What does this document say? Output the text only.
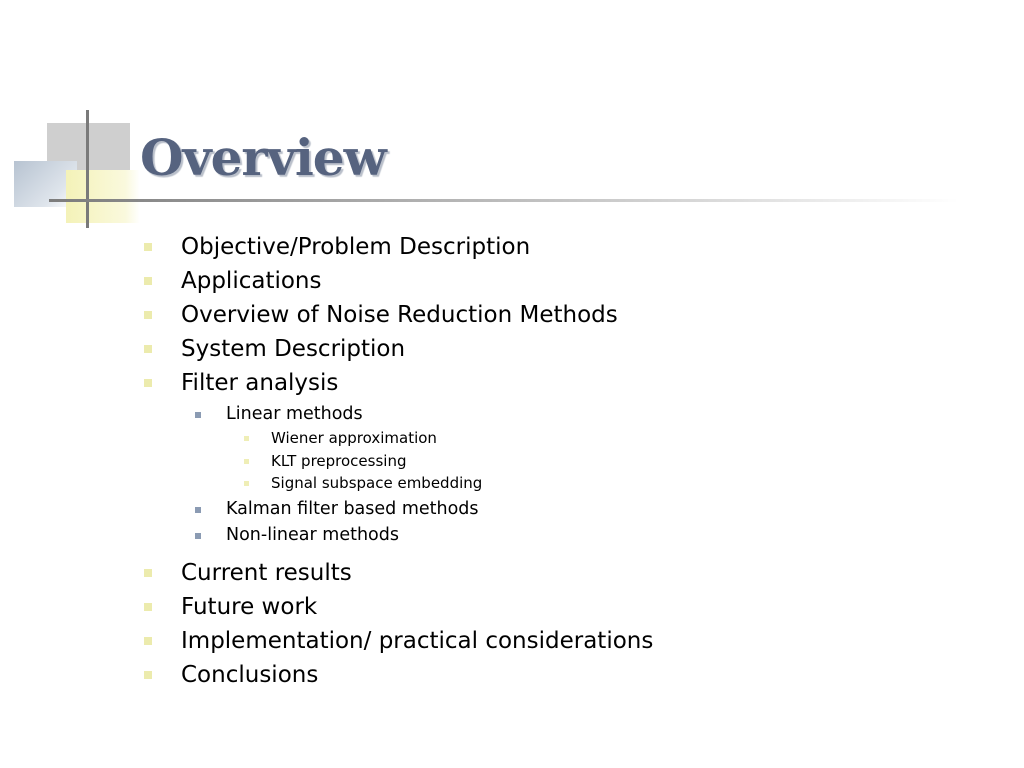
Overview
Objective/Problem Description
Applications
Overview of Noise Reduction Methods
System Description
Filter analysis
Linear methods
Wiener approximation
KLT preprocessing
Signal subspace embedding
Kalman filter based methods
Non-linear methods
Current results
Future work
Implementation/ practical considerations
Conclusions
